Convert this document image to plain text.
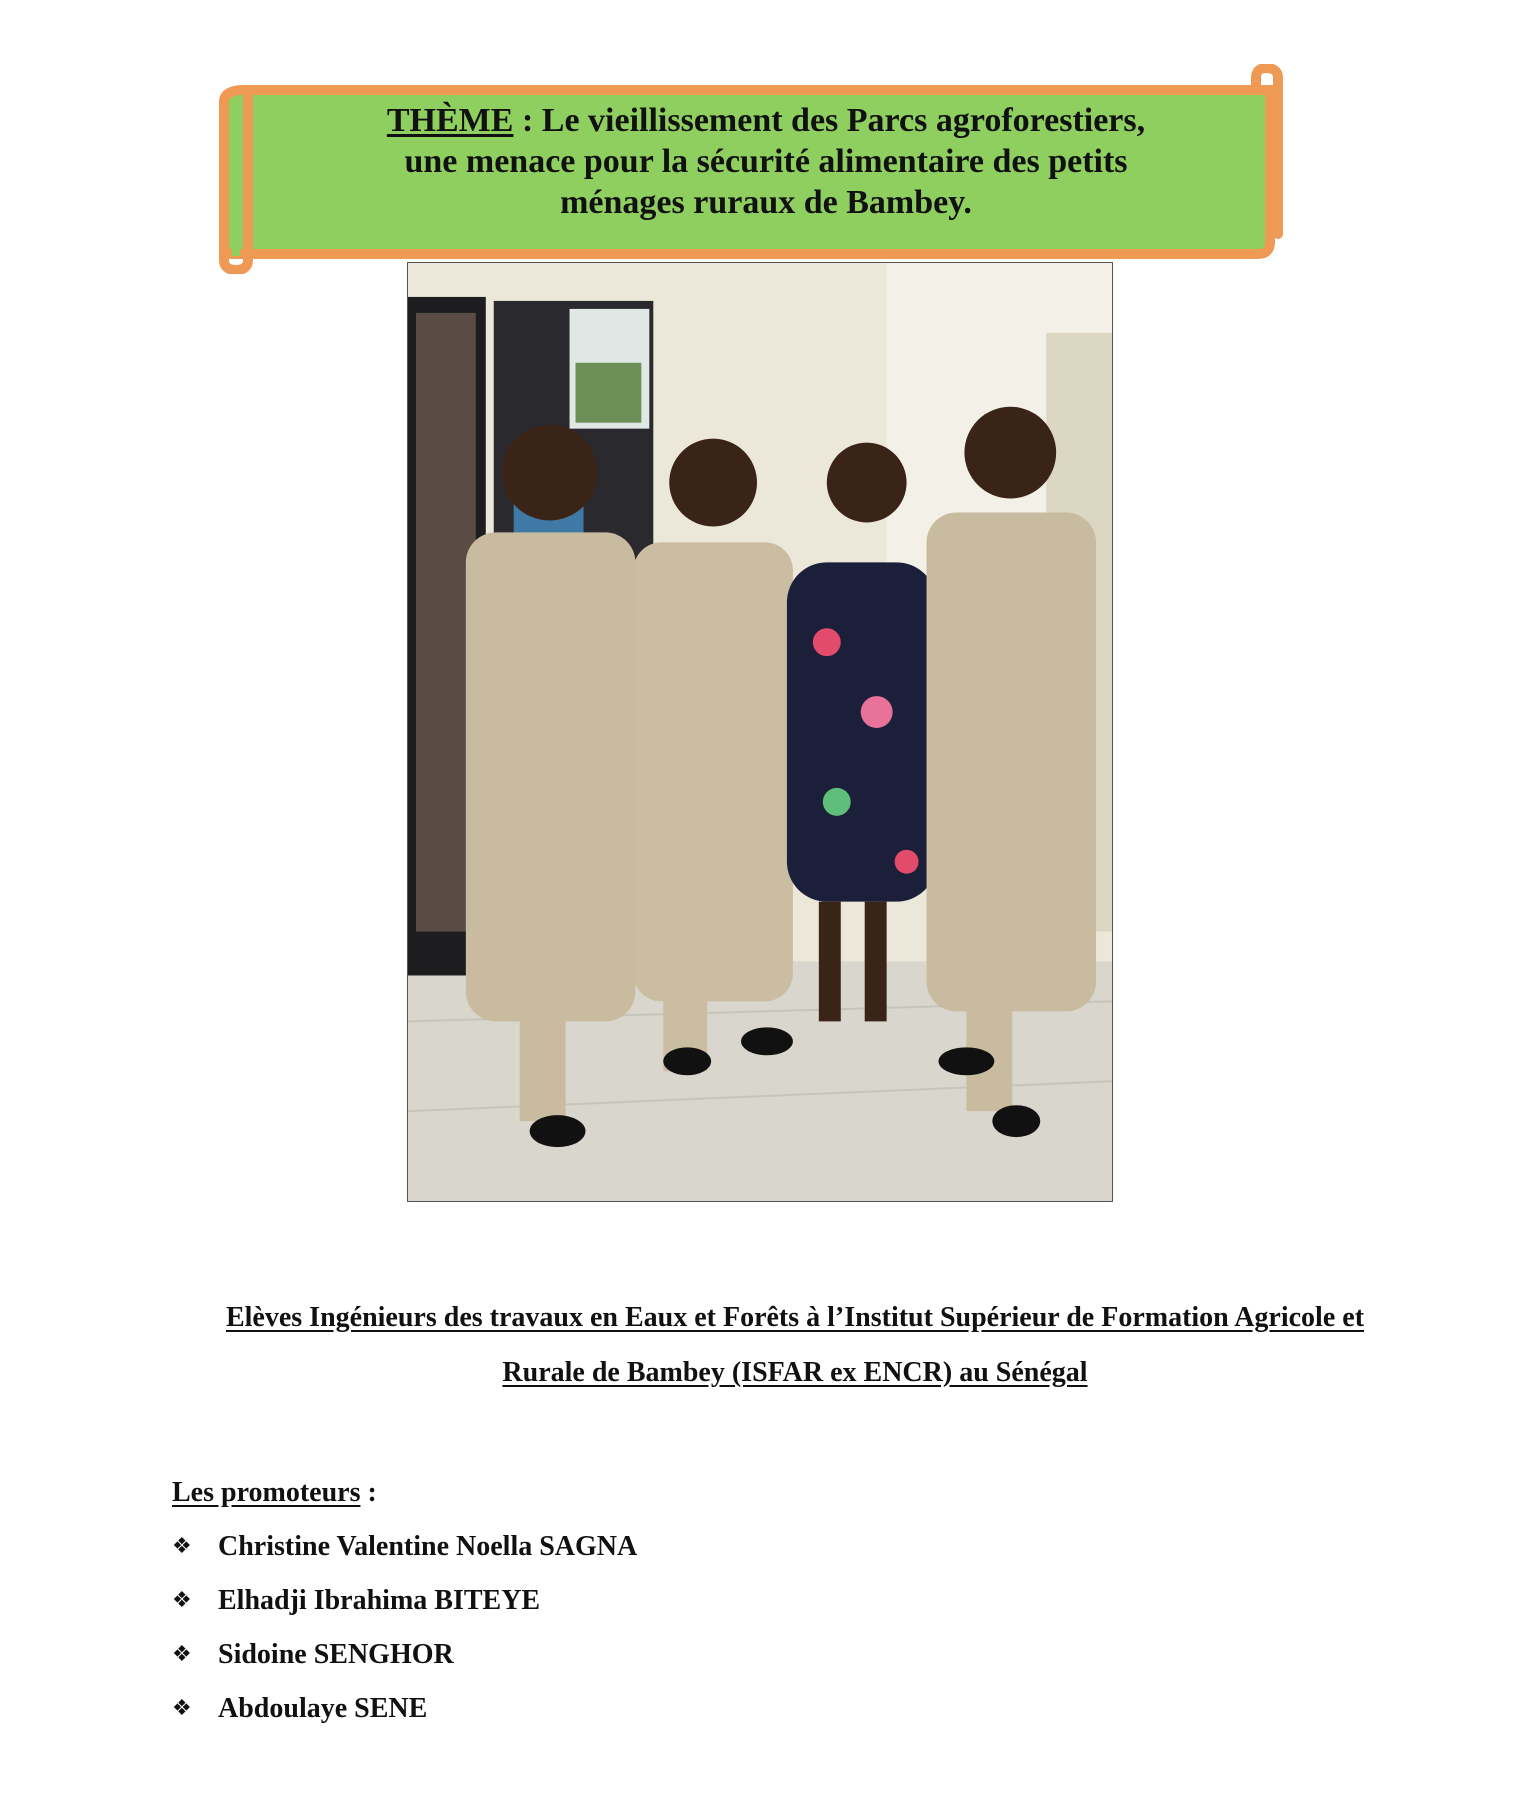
THÈME : Le vieillissement des Parcs agroforestiers,
une menace pour la sécurité alimentaire des petits
ménages ruraux de Bambey.
Elèves Ingénieurs des travaux en Eaux et Forêts à l’Institut Supérieur de Formation Agricole et
Rurale de Bambey (ISFAR ex ENCR) au Sénégal
Les promoteurs :
❖ Christine Valentine Noella SAGNA
❖ Elhadji Ibrahima BITEYE
❖ Sidoine SENGHOR
❖ Abdoulaye SENE
